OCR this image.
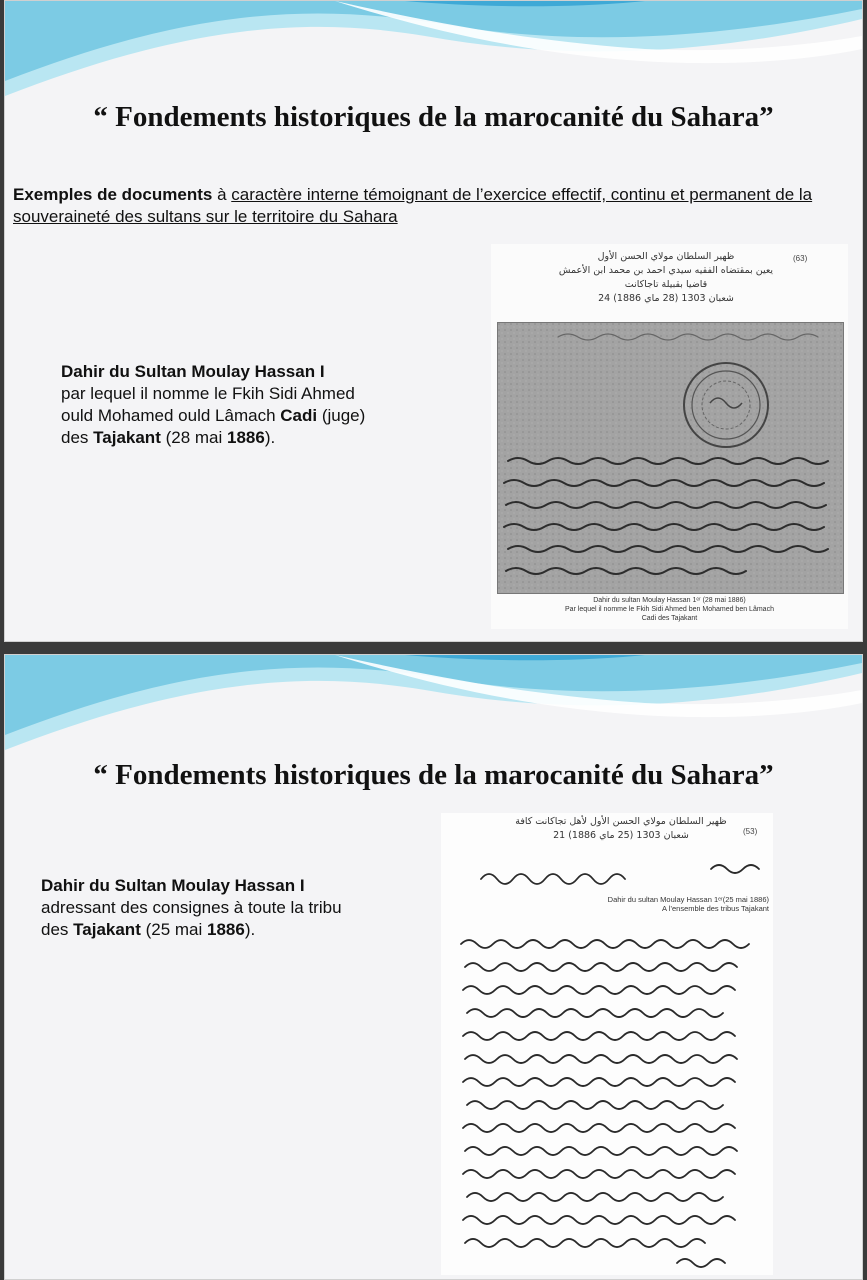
“ Fondements historiques de la marocanité du Sahara”
Exemples de documents à caractère interne témoignant de l’exercice effectif, continu et permanent de la souveraineté des sultans sur le territoire du Sahara
Dahir du Sultan Moulay Hassan I
par lequel il nomme le Fkih Sidi Ahmed
ould Mohamed ould Lâmach Cadi (juge)
des Tajakant (28 mai 1886).
(63)
ظهير السلطان مولاي الحسن الأول
يعين بمقتضاه الفقيه سيدي احمد بن محمد ابن الأعمش
قاضيا بقبيلة تاجاكانت
24 شعبان 1303 (28 ماي 1886)
Dahir du sultan Moulay Hassan 1ᵉʳ (28 mai 1886)
Par lequel il nomme le Fkih Sidi Ahmed ben Mohamed ben Lâmach
Cadi des Tajakant
“ Fondements historiques de la marocanité du Sahara”
Dahir du Sultan Moulay Hassan I
adressant des consignes à toute la tribu
des Tajakant (25 mai 1886).
(53)
ظهير السلطان مولاي الحسن الأول لأهل تجاكانت كافة
21 شعبان 1303 (25 ماي 1886)
Dahir du sultan Moulay Hassan 1ᵉʳ(25 mai 1886)
A l’ensemble des tribus Tajakant
